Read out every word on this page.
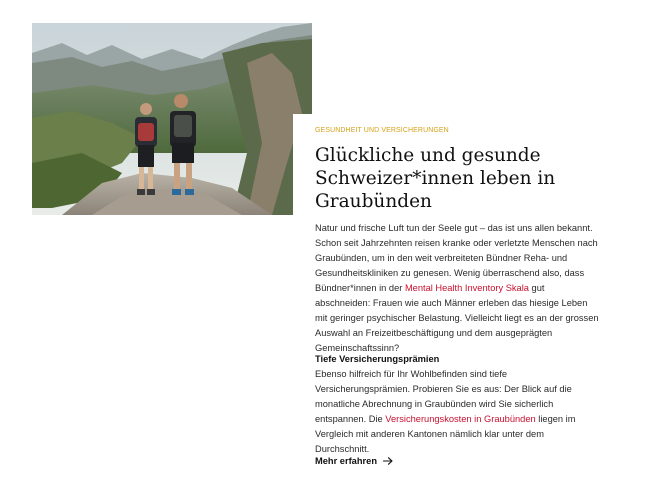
GESUNDHEIT UND VERSICHERUNGEN
Glückliche und gesunde Schweizer*innen leben in Graubünden

Natur und frische Luft tun der Seele gut – das ist uns allen bekannt. Schon seit Jahrzehnten reisen kranke oder verletzte Menschen nach Graubünden, um in den weit verbreiteten Bündner Reha- und Gesundheitskliniken zu genesen. Wenig überraschend also, dass Bündner*innen in der Mental Health Inventory Skala gut abschneiden: Frauen wie auch Männer erleben das hiesige Leben mit geringer psychischer Belastung. Vielleicht liegt es an der grossen Auswahl an Freizeitbeschäftigung und dem ausgeprägten Gemeinschaftssinn?

Tiefe Versicherungsprämien

Ebenso hilfreich für Ihr Wohlbefinden sind tiefe Versicherungsprämien. Probieren Sie es aus: Der Blick auf die monatliche Abrechnung in Graubünden wird Sie sicherlich entspannen. Die Versicherungskosten in Graubünden liegen im Vergleich mit anderen Kantonen nämlich klar unter dem Durchschnitt.

Mehr erfahren
